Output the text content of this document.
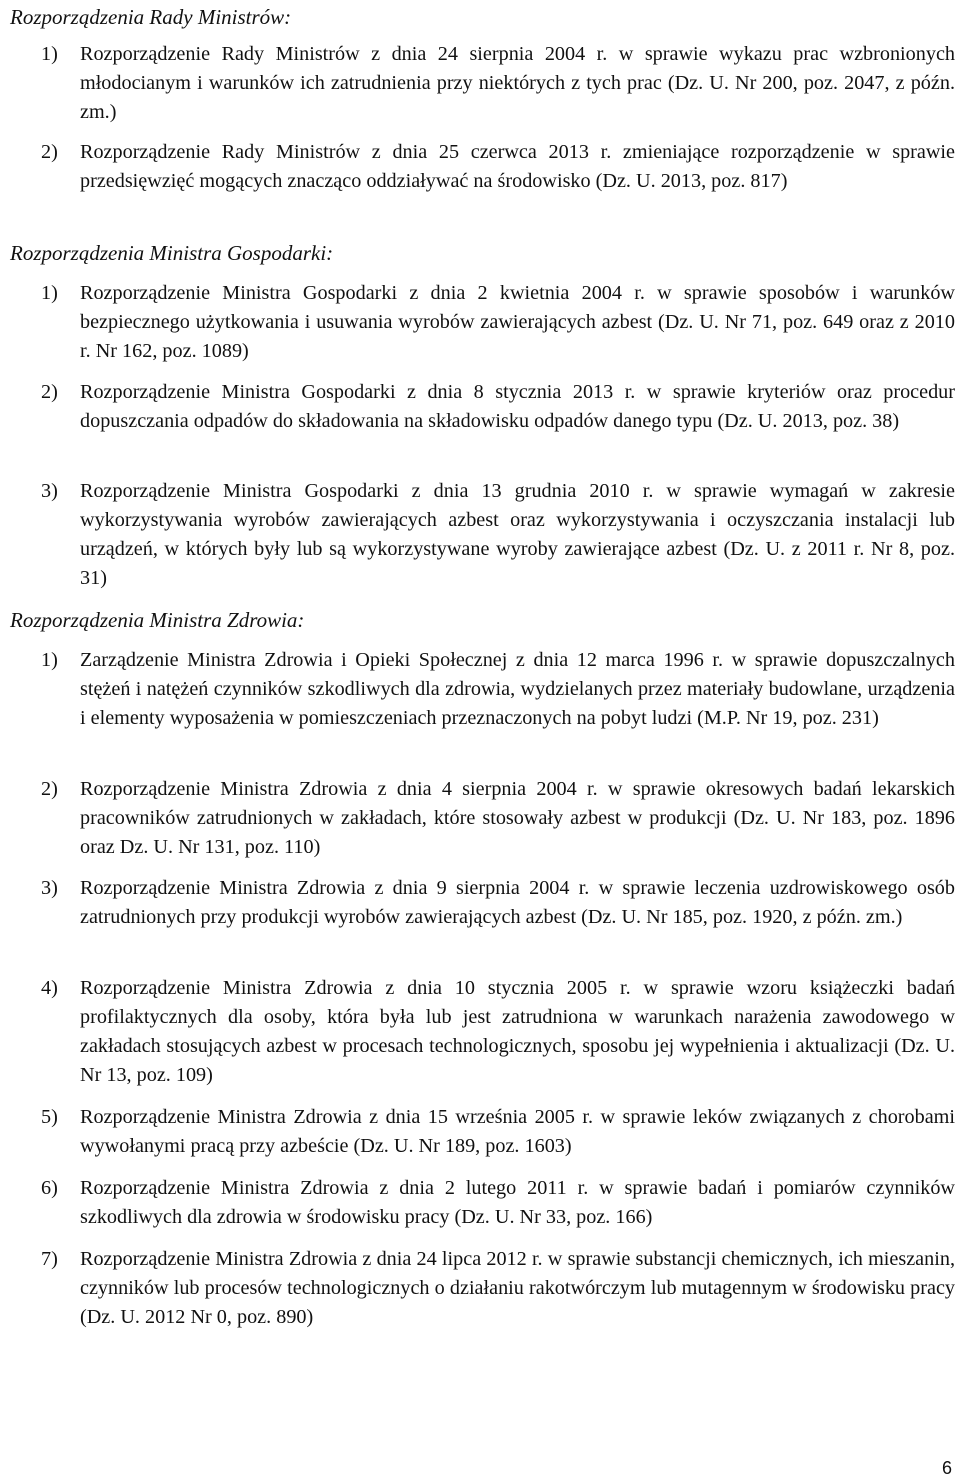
Rozporządzenia Rady Ministrów:

1) Rozporządzenie Rady Ministrów z dnia 24 sierpnia 2004 r. w sprawie wykazu prac wzbronionych młodocianym i warunków ich zatrudnienia przy niektórych z tych prac (Dz. U. Nr 200, poz. 2047, z późn. zm.)

2) Rozporządzenie Rady Ministrów z dnia 25 czerwca 2013 r. zmieniające rozporządzenie w sprawie przedsięwzięć mogących znacząco oddziaływać na środowisko (Dz. U. 2013, poz. 817)

Rozporządzenia Ministra Gospodarki:

1) Rozporządzenie Ministra Gospodarki z dnia 2 kwietnia 2004 r. w sprawie sposobów i warunków bezpiecznego użytkowania i usuwania wyrobów zawierających azbest (Dz. U. Nr 71, poz. 649 oraz z 2010 r. Nr 162, poz. 1089)

2) Rozporządzenie Ministra Gospodarki z dnia 8 stycznia 2013 r. w sprawie kryteriów oraz procedur dopuszczania odpadów do składowania na składowisku odpadów danego typu (Dz. U. 2013, poz. 38)

3) Rozporządzenie Ministra Gospodarki z dnia 13 grudnia 2010 r. w sprawie wymagań w zakresie wykorzystywania wyrobów zawierających azbest oraz wykorzystywania i oczyszczania instalacji lub urządzeń, w których były lub są wykorzystywane wyroby zawierające azbest (Dz. U. z 2011 r. Nr 8, poz. 31)

Rozporządzenia Ministra Zdrowia:

1) Zarządzenie Ministra Zdrowia i Opieki Społecznej z dnia 12 marca 1996 r. w sprawie dopuszczalnych stężeń i natężeń czynników szkodliwych dla zdrowia, wydzielanych przez materiały budowlane, urządzenia i elementy wyposażenia w pomieszczeniach przeznaczonych na pobyt ludzi (M.P. Nr 19, poz. 231)

2) Rozporządzenie Ministra Zdrowia z dnia 4 sierpnia 2004 r. w sprawie okresowych badań lekarskich pracowników zatrudnionych w zakładach, które stosowały azbest w produkcji (Dz. U. Nr 183, poz. 1896 oraz Dz. U. Nr 131, poz. 110)

3) Rozporządzenie Ministra Zdrowia z dnia 9 sierpnia 2004 r. w sprawie leczenia uzdrowiskowego osób zatrudnionych przy produkcji wyrobów zawierających azbest (Dz. U. Nr 185, poz. 1920, z późn. zm.)

4) Rozporządzenie Ministra Zdrowia z dnia 10 stycznia 2005 r. w sprawie wzoru książeczki badań profilaktycznych dla osoby, która była lub jest zatrudniona w warunkach narażenia zawodowego w zakładach stosujących azbest w procesach technologicznych, sposobu jej wypełnienia i aktualizacji (Dz. U. Nr 13, poz. 109)

5) Rozporządzenie Ministra Zdrowia z dnia 15 września 2005 r. w sprawie leków związanych z chorobami wywołanymi pracą przy azbeście (Dz. U. Nr 189, poz. 1603)

6) Rozporządzenie Ministra Zdrowia z dnia 2 lutego 2011 r. w sprawie badań i pomiarów czynników szkodliwych dla zdrowia w środowisku pracy (Dz. U. Nr 33, poz. 166)

7) Rozporządzenie Ministra Zdrowia z dnia 24 lipca 2012 r. w sprawie substancji chemicznych, ich mieszanin, czynników lub procesów technologicznych o działaniu rakotwórczym lub mutagennym w środowisku pracy (Dz. U. 2012 Nr 0, poz. 890)

6
